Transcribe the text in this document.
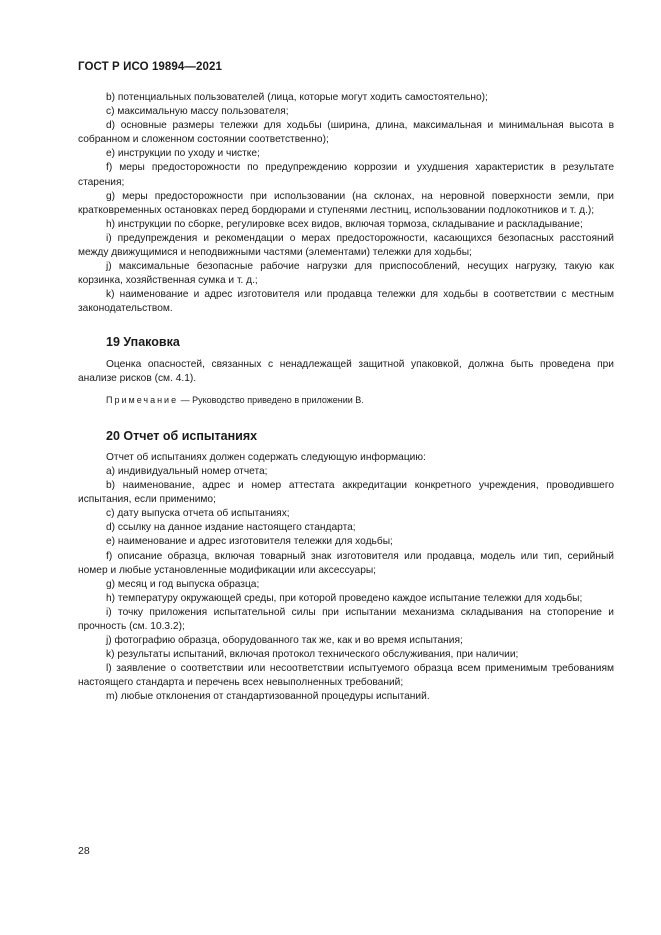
ГОСТ Р ИСО 19894—2021

b) потенциальных пользователей (лица, которые могут ходить самостоятельно);

c) максимальную массу пользователя;

d) основные размеры тележки для ходьбы (ширина, длина, максимальная и минимальная высота в собранном и сложенном состоянии соответственно);

e) инструкции по уходу и чистке;

f) меры предосторожности по предупреждению коррозии и ухудшения характеристик в результате старения;

g) меры предосторожности при использовании (на склонах, на неровной поверхности земли, при кратковременных остановках перед бордюрами и ступенями лестниц, использовании подлокотников и т. д.);

h) инструкции по сборке, регулировке всех видов, включая тормоза, складывание и раскладывание;

i) предупреждения и рекомендации о мерах предосторожности, касающихся безопасных расстояний между движущимися и неподвижными частями (элементами) тележки для ходьбы;

j) максимальные безопасные рабочие нагрузки для приспособлений, несущих нагрузку, такую как корзинка, хозяйственная сумка и т. д.;

k) наименование и адрес изготовителя или продавца тележки для ходьбы в соответствии с местным законодательством.

19 Упаковка

Оценка опасностей, связанных с ненадлежащей защитной упаковкой, должна быть проведена при анализе рисков (см. 4.1).

Примечание — Руководство приведено в приложении В.

20 Отчет об испытаниях

Отчет об испытаниях должен содержать следующую информацию:

a) индивидуальный номер отчета;

b) наименование, адрес и номер аттестата аккредитации конкретного учреждения, проводившего испытания, если применимо;

c) дату выпуска отчета об испытаниях;

d) ссылку на данное издание настоящего стандарта;

e) наименование и адрес изготовителя тележки для ходьбы;

f) описание образца, включая товарный знак изготовителя или продавца, модель или тип, серийный номер и любые установленные модификации или аксессуары;

g) месяц и год выпуска образца;

h) температуру окружающей среды, при которой проведено каждое испытание тележки для ходьбы;

i) точку приложения испытательной силы при испытании механизма складывания на стопорение и прочность (см. 10.3.2);

j) фотографию образца, оборудованного так же, как и во время испытания;

k) результаты испытаний, включая протокол технического обслуживания, при наличии;

l) заявление о соответствии или несоответствии испытуемого образца всем применимым требованиям настоящего стандарта и перечень всех невыполненных требований;

m) любые отклонения от стандартизованной процедуры испытаний.

28
